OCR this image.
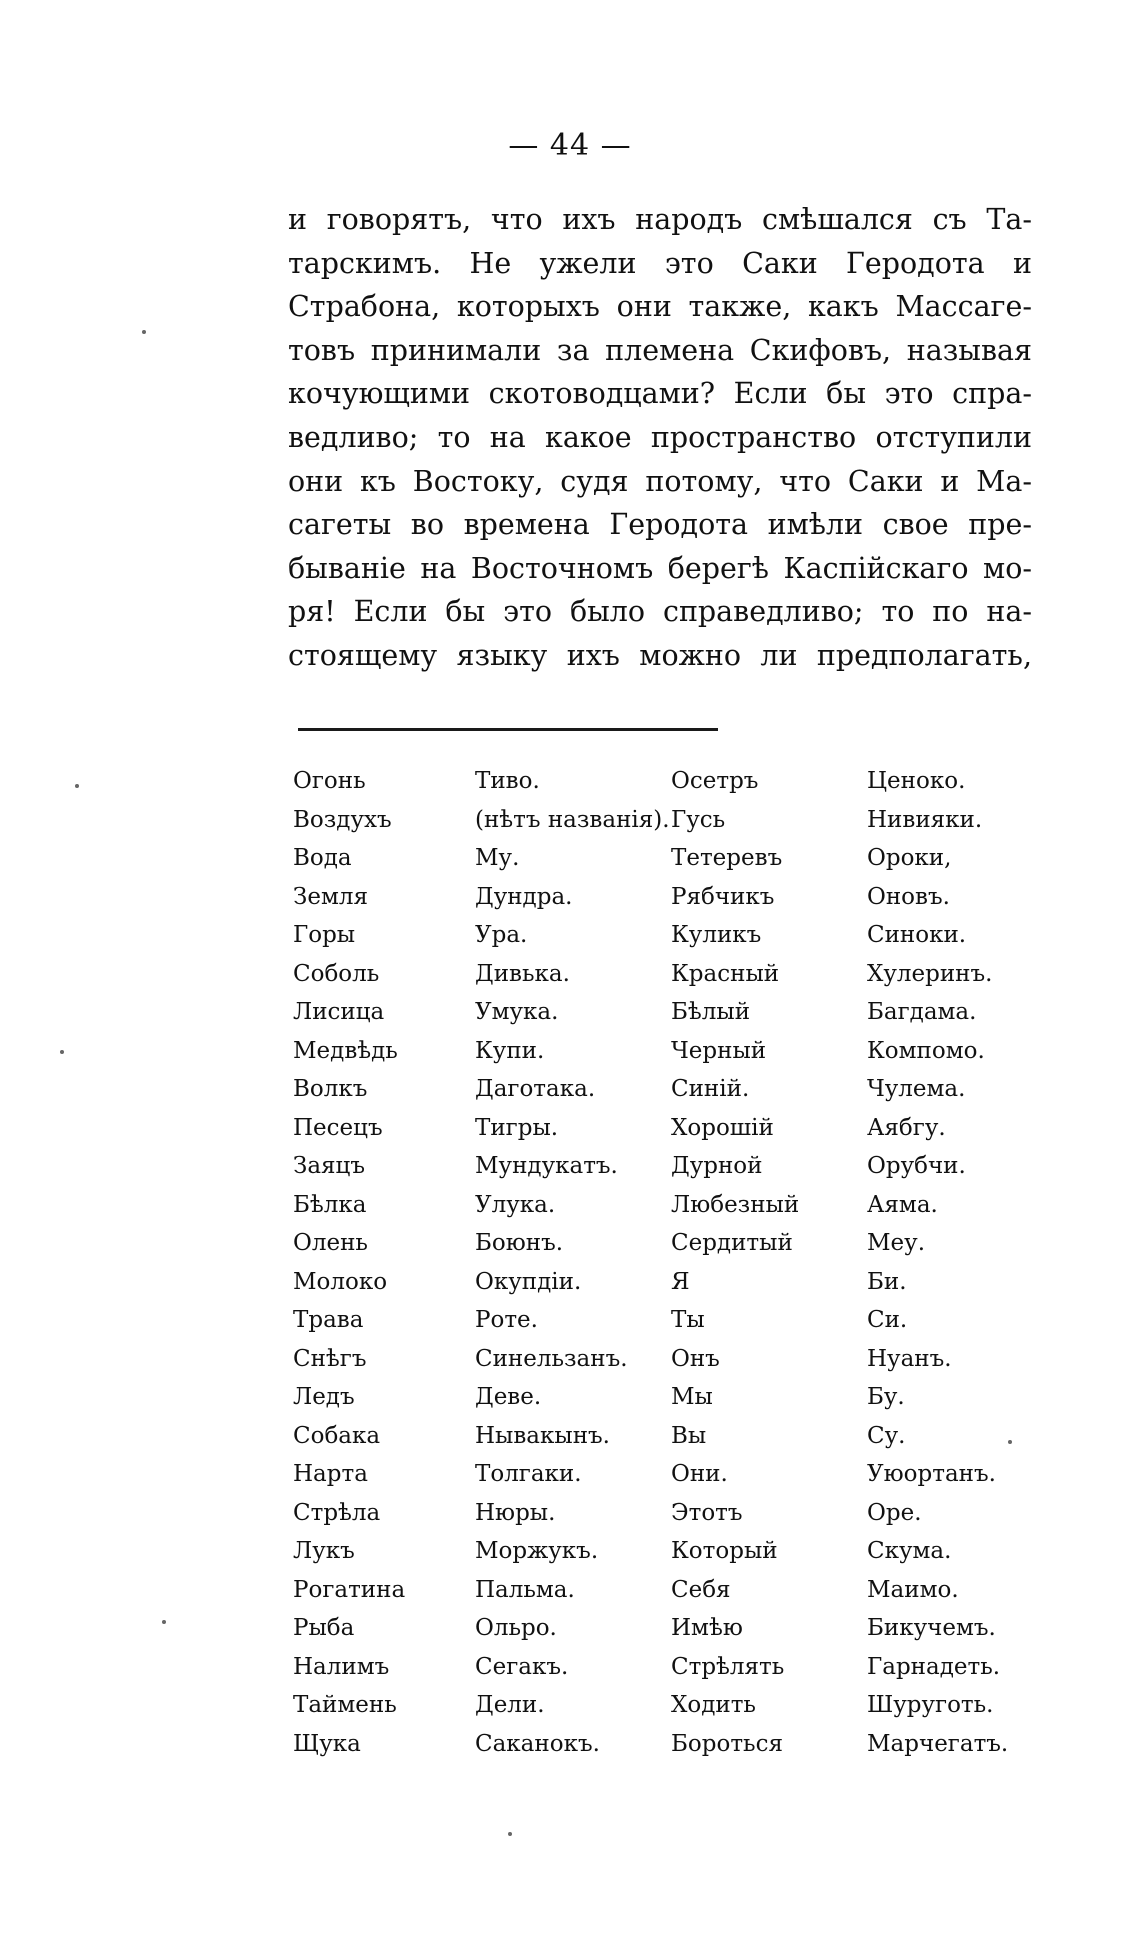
— 44 —
и говорятъ, что ихъ народъ смѣшался съ Та-
тарскимъ. Не ужели это Саки Геродота и
Страбона, которыхъ они также, какъ Массаге-
товъ принимали за племена Скифовъ, называя
кочующими скотоводцами? Если бы это спра-
ведливо; то на какое пространство отступили
они къ Востоку, судя потому, что Саки и Ма-
сагеты во времена Геродота имѣли свое пре-
бываніе на Восточномъ берегѣ Каспійскаго мо-
ря! Если бы это было справедливо; то по на-
стоящему языку ихъ можно ли предполагать,
Огонь	Тиво.	Осетръ	Ценоко.
Воздухъ	(нѣтъ названія). Гусь	Нивияки.
Вода	Му.	Тетеревъ	Ороки,
Земля	Дундра.	Рябчикъ	Оновъ.
Горы	Ура.	Куликъ	Синоки.
Соболь	Дивька.	Красный	Хулеринъ.
Лисица	Умука.	Бѣлый	Багдама.
Медвѣдь	Купи.	Черный	Компомо.
Волкъ	Даготака.	Синій.	Чулема.
Песецъ	Тигры.	Хорошій	Аябгу.
Заяцъ	Мундукатъ.	Дурной	Орубчи.
Бѣлка	Улука.	Любезный	Аяма.
Олень	Боюнъ.	Сердитый	Меу.
Молоко	Окупдіи.	Я	Би.
Трава	Роте.	Ты	Си.
Снѣгъ	Синельзанъ.	Онъ	Нуанъ.
Ледъ	Деве.	Мы	Бу.
Собака	Нывакынъ.	Вы	Су.
Нарта	Толгаки.	Они.	Уюортанъ.
Стрѣла	Нюры.	Этотъ	Оре.
Лукъ	Моржукъ.	Который	Скума.
Рогатина	Пальма.	Себя	Маимо.
Рыба	Ольро.	Имѣю	Бикучемъ.
Налимъ	Сегакъ.	Стрѣлять	Гарнадеть.
Таймень	Дели.	Ходить	Шуруготь.
Щука	Саканокъ.	Бороться	Марчегатъ.
